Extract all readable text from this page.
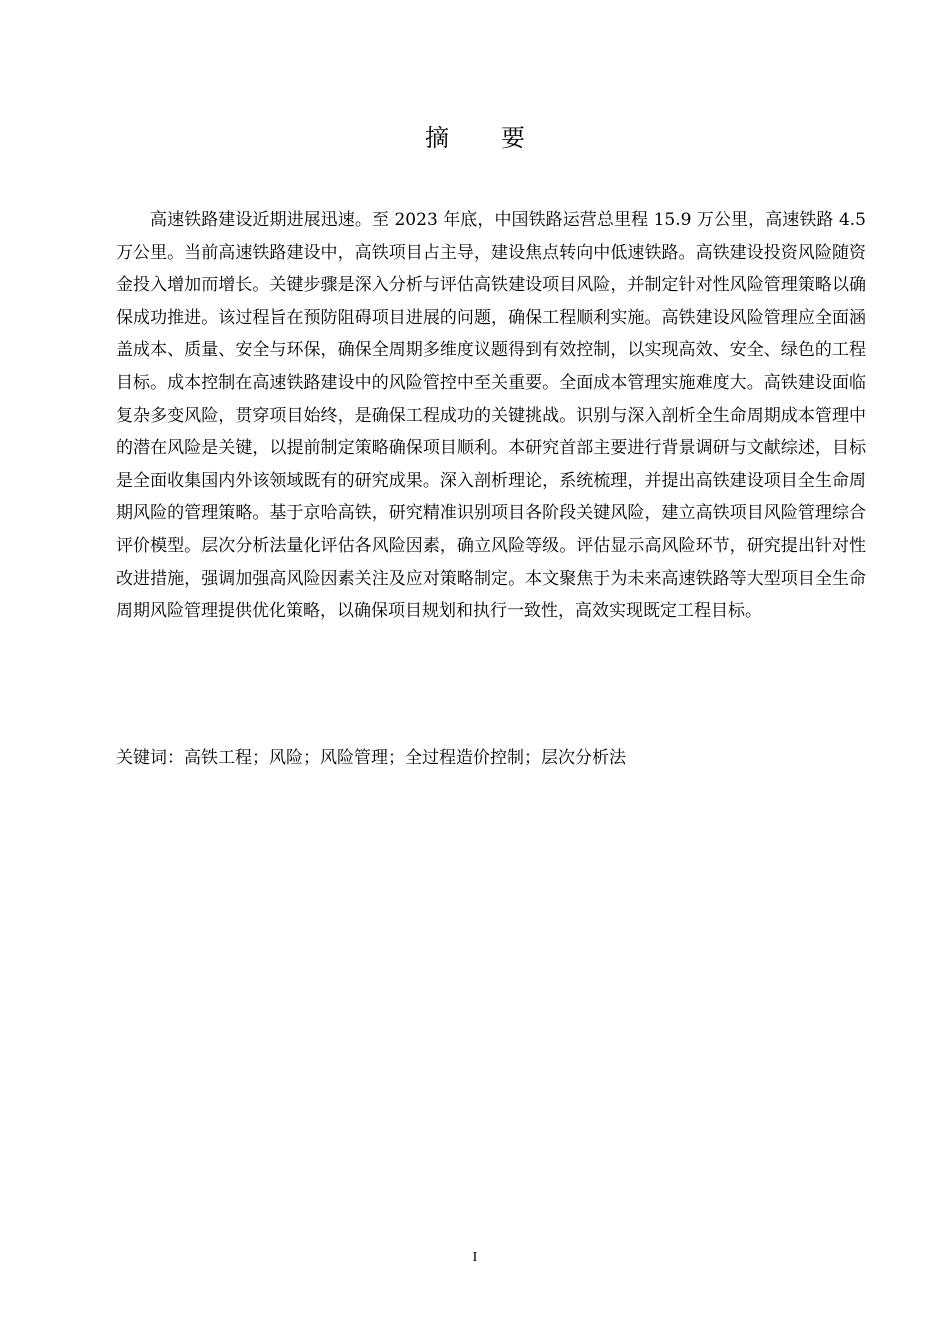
摘　要

高速铁路建设近期进展迅速。至 2023 年底，中国铁路运营总里程 15.9 万公里，高速铁路 4.5 万公里。当前高速铁路建设中，高铁项目占主导，建设焦点转向中低速铁路。高铁建设投资风险随资金投入增加而增长。关键步骤是深入分析与评估高铁建设项目风险，并制定针对性风险管理策略以确保成功推进。该过程旨在预防阻碍项目进展的问题，确保工程顺利实施。高铁建设风险管理应全面涵盖成本、质量、安全与环保，确保全周期多维度议题得到有效控制，以实现高效、安全、绿色的工程目标。成本控制在高速铁路建设中的风险管控中至关重要。全面成本管理实施难度大。高铁建设面临复杂多变风险，贯穿项目始终，是确保工程成功的关键挑战。识别与深入剖析全生命周期成本管理中的潜在风险是关键，以提前制定策略确保项目顺利。本研究首部主要进行背景调研与文献综述，目标是全面收集国内外该领域既有的研究成果。深入剖析理论，系统梳理，并提出高铁建设项目全生命周期风险的管理策略。基于京哈高铁，研究精准识别项目各阶段关键风险，建立高铁项目风险管理综合评价模型。层次分析法量化评估各风险因素，确立风险等级。评估显示高风险环节，研究提出针对性改进措施，强调加强高风险因素关注及应对策略制定。本文聚焦于为未来高速铁路等大型项目全生命周期风险管理提供优化策略，以确保项目规划和执行一致性，高效实现既定工程目标。

关键词：高铁工程；风险；风险管理；全过程造价控制；层次分析法

I
